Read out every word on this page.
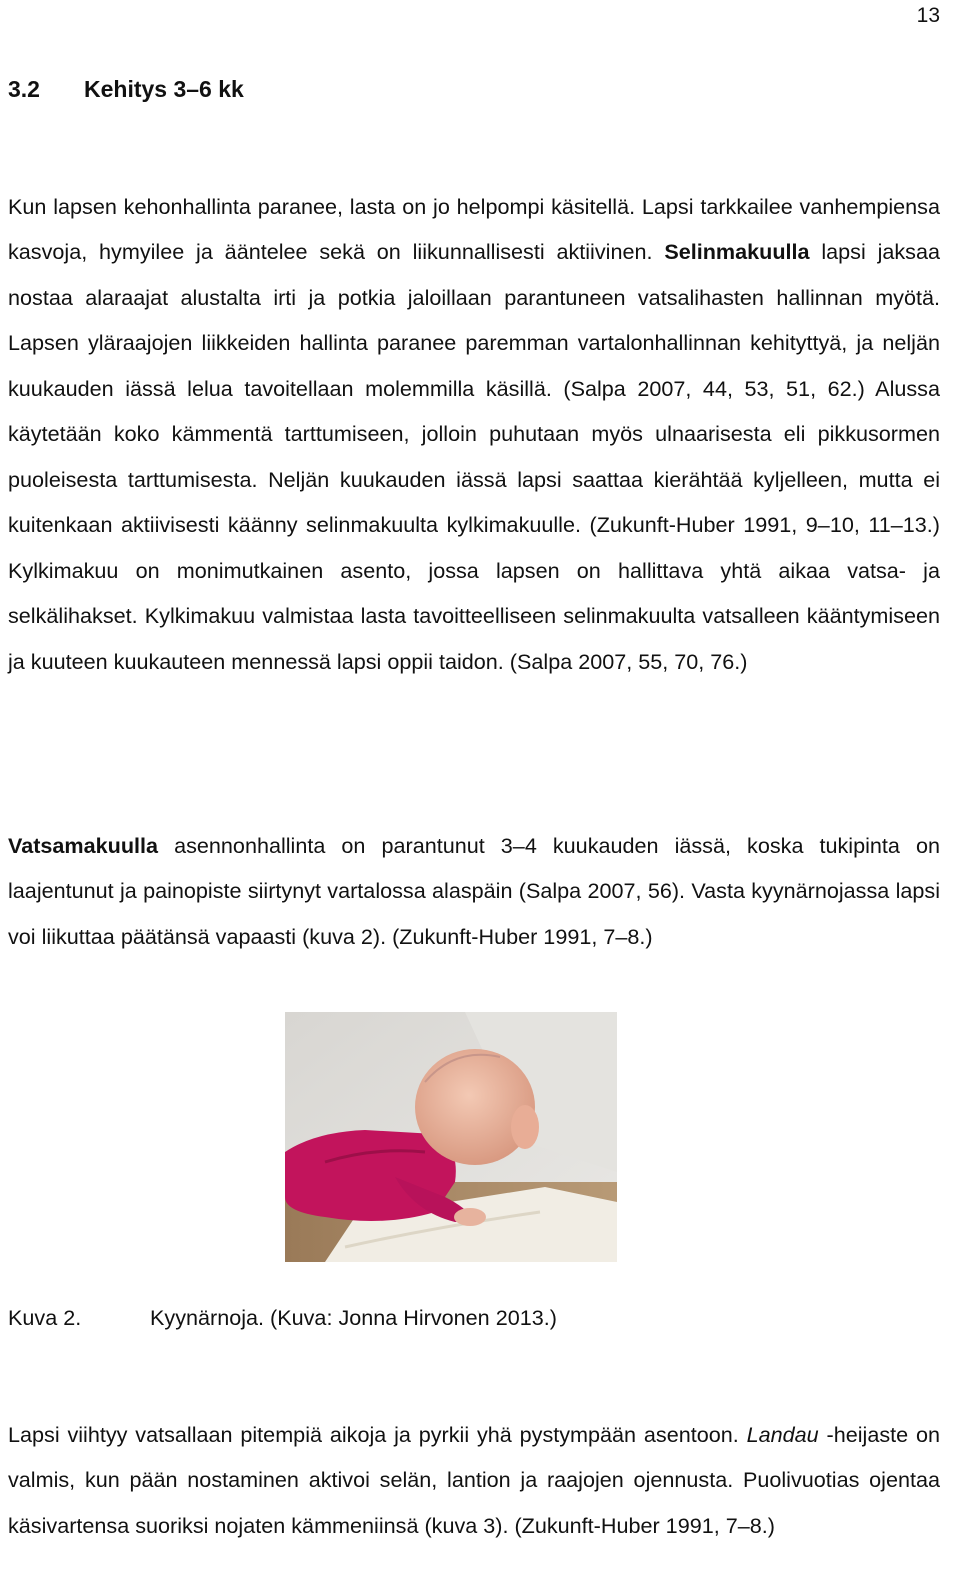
13
3.2 Kehitys 3–6 kk

Kun lapsen kehonhallinta paranee, lasta on jo helpompi käsitellä. Lapsi tarkkailee vanhempiensa kasvoja, hymyilee ja ääntelee sekä on liikunnallisesti aktiivinen. Selinmakuulla lapsi jaksaa nostaa alaraajat alustalta irti ja potkia jaloillaan parantuneen vatsalihasten hallinnan myötä. Lapsen yläraajojen liikkeiden hallinta paranee paremman vartalonhallinnan kehityttyä, ja neljän kuukauden iässä lelua tavoitellaan molemmilla käsillä. (Salpa 2007, 44, 53, 51, 62.) Alussa käytetään koko kämmentä tarttumiseen, jolloin puhutaan myös ulnaarisesta eli pikkusormen puoleisesta tarttumisesta. Neljän kuukauden iässä lapsi saattaa kierähtää kyljelleen, mutta ei kuitenkaan aktiivisesti käänny selinmakuulta kylkimakuulle. (Zukunft-Huber 1991, 9–10, 11–13.) Kylkimakuu on monimutkainen asento, jossa lapsen on hallittava yhtä aikaa vatsa- ja selkälihakset. Kylkimakuu valmistaa lasta tavoitteelliseen selinmakuulta vatsalleen kääntymiseen ja kuuteen kuukauteen mennessä lapsi oppii taidon. (Salpa 2007, 55, 70, 76.)

Vatsamakuulla asennonhallinta on parantunut 3–4 kuukauden iässä, koska tukipinta on laajentunut ja painopiste siirtynyt vartalossa alaspäin (Salpa 2007, 56). Vasta kyynärnojassa lapsi voi liikuttaa päätänsä vapaasti (kuva 2). (Zukunft-Huber 1991, 7–8.)

Kuva 2.	Kyynärnoja. (Kuva: Jonna Hirvonen 2013.)

Lapsi viihtyy vatsallaan pitempiä aikoja ja pyrkii yhä pystympään asentoon. Landau -heijaste on valmis, kun pään nostaminen aktivoi selän, lantion ja raajojen ojennusta. Puolivuotias ojentaa käsivartensa suoriksi nojaten kämmeniinsä (kuva 3). (Zukunft-Huber 1991, 7–8.)
